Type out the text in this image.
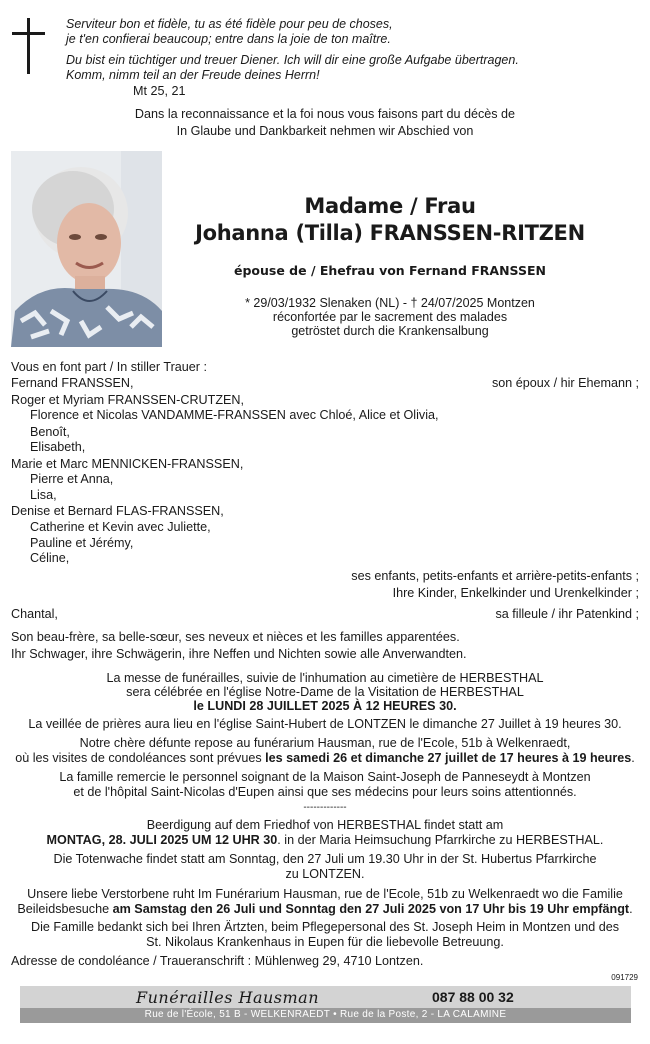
Serviteur bon et fidèle, tu as été fidèle pour peu de choses,
je t'en confierai beaucoup; entre dans la joie de ton maître.
Du bist ein tüchtiger und treuer Diener. Ich will dir eine große Aufgabe übertragen.
Komm, nimm teil an der Freude deines Herrn!
Mt 25, 21
Dans la reconnaissance et la foi nous vous faisons part du décès de
In Glaube und Dankbarkeit nehmen wir Abschied von
Madame / Frau
Johanna (Tilla) FRANSSEN-RITZEN
épouse de / Ehefrau von Fernand FRANSSEN
* 29/03/1932 Slenaken (NL) - † 24/07/2025 Montzen
réconfortée par le sacrement des malades
getröstet durch die Krankensalbung
Vous en font part / In stiller Trauer :
Fernand FRANSSEN,	son époux / hir Ehemann ;
Roger et Myriam FRANSSEN-CRUTZEN,
Florence et Nicolas VANDAMME-FRANSSEN avec Chloé, Alice et Olivia,
Benoît,
Elisabeth,
Marie et Marc MENNICKEN-FRANSSEN,
Pierre et Anna,
Lisa,
Denise et Bernard FLAS-FRANSSEN,
Catherine et Kevin avec Juliette,
Pauline et Jérémy,
Céline,
ses enfants, petits-enfants et arrière-petits-enfants ;
Ihre Kinder, Enkelkinder und Urenkelkinder ;
Chantal,	sa filleule / ihr Patenkind ;
Son beau-frère, sa belle-sœur, ses neveux et nièces et les familles apparentées.
Ihr Schwager, ihre Schwägerin, ihre Neffen und Nichten sowie alle Anverwandten.
La messe de funérailles, suivie de l'inhumation au cimetière de HERBESTHAL
sera célébrée en l'église Notre-Dame de la Visitation de HERBESTHAL
le LUNDI 28 JUILLET 2025 À 12 HEURES 30.
La veillée de prières aura lieu en l'église Saint-Hubert de LONTZEN le dimanche 27 Juillet à 19 heures 30.
Notre chère défunte repose au funérarium Hausman, rue de l'Ecole, 51b à Welkenraedt,
où les visites de condoléances sont prévues les samedi 26 et dimanche 27 juillet de 17 heures à 19 heures.
La famille remercie le personnel soignant de la Maison Saint-Joseph de Panneseydt à Montzen
et de l'hôpital Saint-Nicolas d'Eupen ainsi que ses médecins pour leurs soins attentionnés.
-------------
Beerdigung auf dem Friedhof von HERBESTHAL findet statt am
MONTAG, 28. JULI 2025 UM 12 UHR 30. in der Maria Heimsuchung Pfarrkirche zu HERBESTHAL.
Die Totenwache findet statt am Sonntag, den 27 Juli um 19.30 Uhr in der St. Hubertus Pfarrkirche
zu LONTZEN.
Unsere liebe Verstorbene ruht Im Funérarium Hausman, rue de l'Ecole, 51b zu Welkenraedt wo die Familie
Beileidsbesuche am Samstag den 26 Juli und Sonntag den 27 Juli 2025 von 17 Uhr bis 19 Uhr empfängt.
Die Famille bedankt sich bei Ihren Ärtzten, beim Pflegepersonal des St. Joseph Heim in Montzen und des
St. Nikolaus Krankenhaus in Eupen für die liebevolle Betreuung.
Adresse de condoléance / Traueranschrift : Mühlenweg 29, 4710 Lontzen.
091729
Funérailles Hausman	087 88 00 32
Rue de l'École, 51 B - WELKENRAEDT • Rue de la Poste, 2 - LA CALAMINE
